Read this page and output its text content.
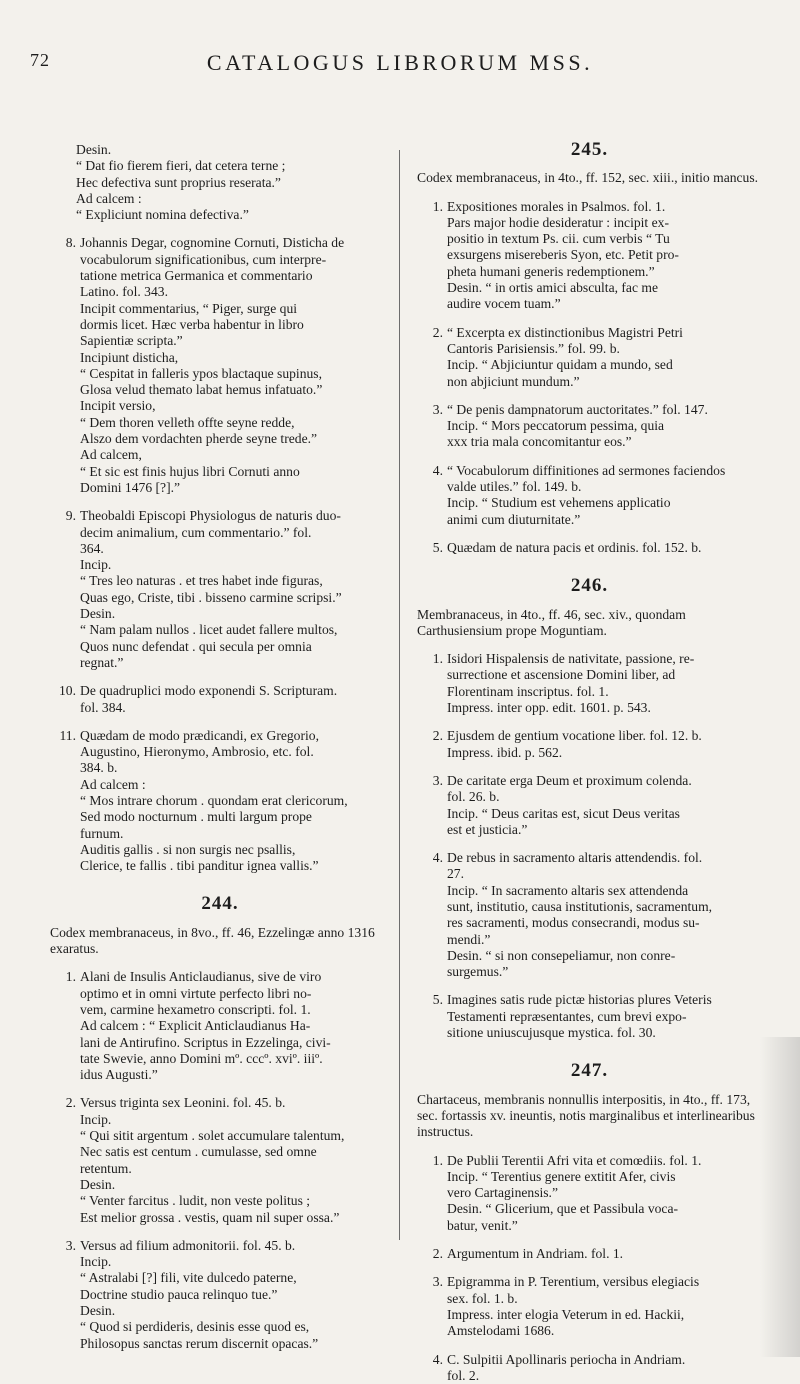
72	CATALOGUS LIBRORUM MSS.

Desin.

“ Dat fio fierem fieri, dat cetera terne ;

Hec defectiva sunt proprius reserata.”

Ad calcem :

“ Expliciunt nomina defectiva.”

8. Johannis Degar, cognomine Cornuti, Disticha de

vocabulorum significationibus, cum interpre-

tatione metrica Germanica et commentario

Latino. fol. 343.

Incipit commentarius, “ Piger, surge qui

dormis licet. Hæc verba habentur in libro

Sapientiæ scripta.”

Incipiunt disticha,

“ Cespitat in falleris ypos blactaque supinus,

Glosa velud themato labat hemus infatuato.”

Incipit versio,

“ Dem thoren velleth offte seyne redde,

Alszo dem vordachten pherde seyne trede.”

Ad calcem,

“ Et sic est finis hujus libri Cornuti anno

Domini 1476 [?].”

9. Theobaldi Episcopi Physiologus de naturis duo-

decim animalium, cum commentario.” fol.

364.

Incip.

“ Tres leo naturas . et tres habet inde figuras,

Quas ego, Criste, tibi . bisseno carmine scripsi.”

Desin.

“ Nam palam nullos . licet audet fallere multos,

Quos nunc defendat . qui secula per omnia

regnat.”

10. De quadruplici modo exponendi S. Scripturam.

fol. 384.

11. Quædam de modo prædicandi, ex Gregorio,

Augustino, Hieronymo, Ambrosio, etc. fol.

384. b.

Ad calcem :

“ Mos intrare chorum . quondam erat clericorum,

Sed modo nocturnum . multi largum prope

furnum.

Auditis gallis . si non surgis nec psallis,

Clerice, te fallis . tibi panditur ignea vallis.”

244.

Codex membranaceus, in 8vo., ff. 46, Ezzelingæ anno 1316 exaratus.

1. Alani de Insulis Anticlaudianus, sive de viro

optimo et in omni virtute perfecto libri no-

vem, carmine hexametro conscripti. fol. 1.

Ad calcem : “ Explicit Anticlaudianus Ha-

lani de Antirufino. Scriptus in Ezzelinga, civi-

tate Swevie, anno Domini mº. cccº. xviº. iiiº.

idus Augusti.”

2. Versus triginta sex Leonini. fol. 45. b.

Incip.

“ Qui sitit argentum . solet accumulare talentum,

Nec satis est centum . cumulasse, sed omne

retentum.

Desin.

“ Venter farcitus . ludit, non veste politus ;

Est melior grossa . vestis, quam nil super ossa.”

3. Versus ad filium admonitorii. fol. 45. b.

Incip.

“ Astralabi [?] fili, vite dulcedo paterne,

Doctrine studio pauca relinquo tue.”

Desin.

“ Quod si perdideris, desinis esse quod es,

Philosopus sanctas rerum discernit opacas.”

245.

Codex membranaceus, in 4to., ff. 152, sec. xiii., initio mancus.

1. Expositiones morales in Psalmos. fol. 1.

Pars major hodie desideratur : incipit ex-

positio in textum Ps. cii. cum verbis “ Tu

exsurgens misereberis Syon, etc. Petit pro-

pheta humani generis redemptionem.”

Desin. “ in ortis amici absculta, fac me

audire vocem tuam.”

2. “ Excerpta ex distinctionibus Magistri Petri

Cantoris Parisiensis.” fol. 99. b.

Incip. “ Abjiciuntur quidam a mundo, sed

non abjiciunt mundum.”

3. “ De penis dampnatorum auctoritates.” fol. 147.

Incip. “ Mors peccatorum pessima, quia

xxx tria mala concomitantur eos.”

4. “ Vocabulorum diffinitiones ad sermones faciendos

valde utiles.” fol. 149. b.

Incip. “ Studium est vehemens applicatio

animi cum diuturnitate.”

5. Quædam de natura pacis et ordinis. fol. 152. b.

246.

Membranaceus, in 4to., ff. 46, sec. xiv., quondam Carthusiensium prope Moguntiam.

1. Isidori Hispalensis de nativitate, passione, re-

surrectione et ascensione Domini liber, ad

Florentinam inscriptus. fol. 1.

Impress. inter opp. edit. 1601. p. 543.

2. Ejusdem de gentium vocatione liber. fol. 12. b.

Impress. ibid. p. 562.

3. De caritate erga Deum et proximum colenda.

fol. 26. b.

Incip. “ Deus caritas est, sicut Deus veritas

est et justicia.”

4. De rebus in sacramento altaris attendendis. fol.

27.

Incip. “ In sacramento altaris sex attendenda

sunt, institutio, causa institutionis, sacramentum,

res sacramenti, modus consecrandi, modus su-

mendi.”

Desin. “ si non consepeliamur, non conre-

surgemus.”

5. Imagines satis rude pictæ historias plures Veteris

Testamenti repræsentantes, cum brevi expo-

sitione uniuscujusque mystica. fol. 30.

247.

Chartaceus, membranis nonnullis interpositis, in 4to., ff. 173, sec. fortassis xv. ineuntis, notis marginalibus et interlinearibus instructus.

1. De Publii Terentii Afri vita et comœdiis. fol. 1.

Incip. “ Terentius genere extitit Afer, civis

vero Cartaginensis.”

Desin. “ Glicerium, que et Passibula voca-

batur, venit.”

2. Argumentum in Andriam. fol. 1.

3. Epigramma in P. Terentium, versibus elegiacis

sex. fol. 1. b.

Impress. inter elogia Veterum in ed. Hackii,

Amstelodami 1686.

4. C. Sulpitii Apollinaris periocha in Andriam.

fol. 2.
